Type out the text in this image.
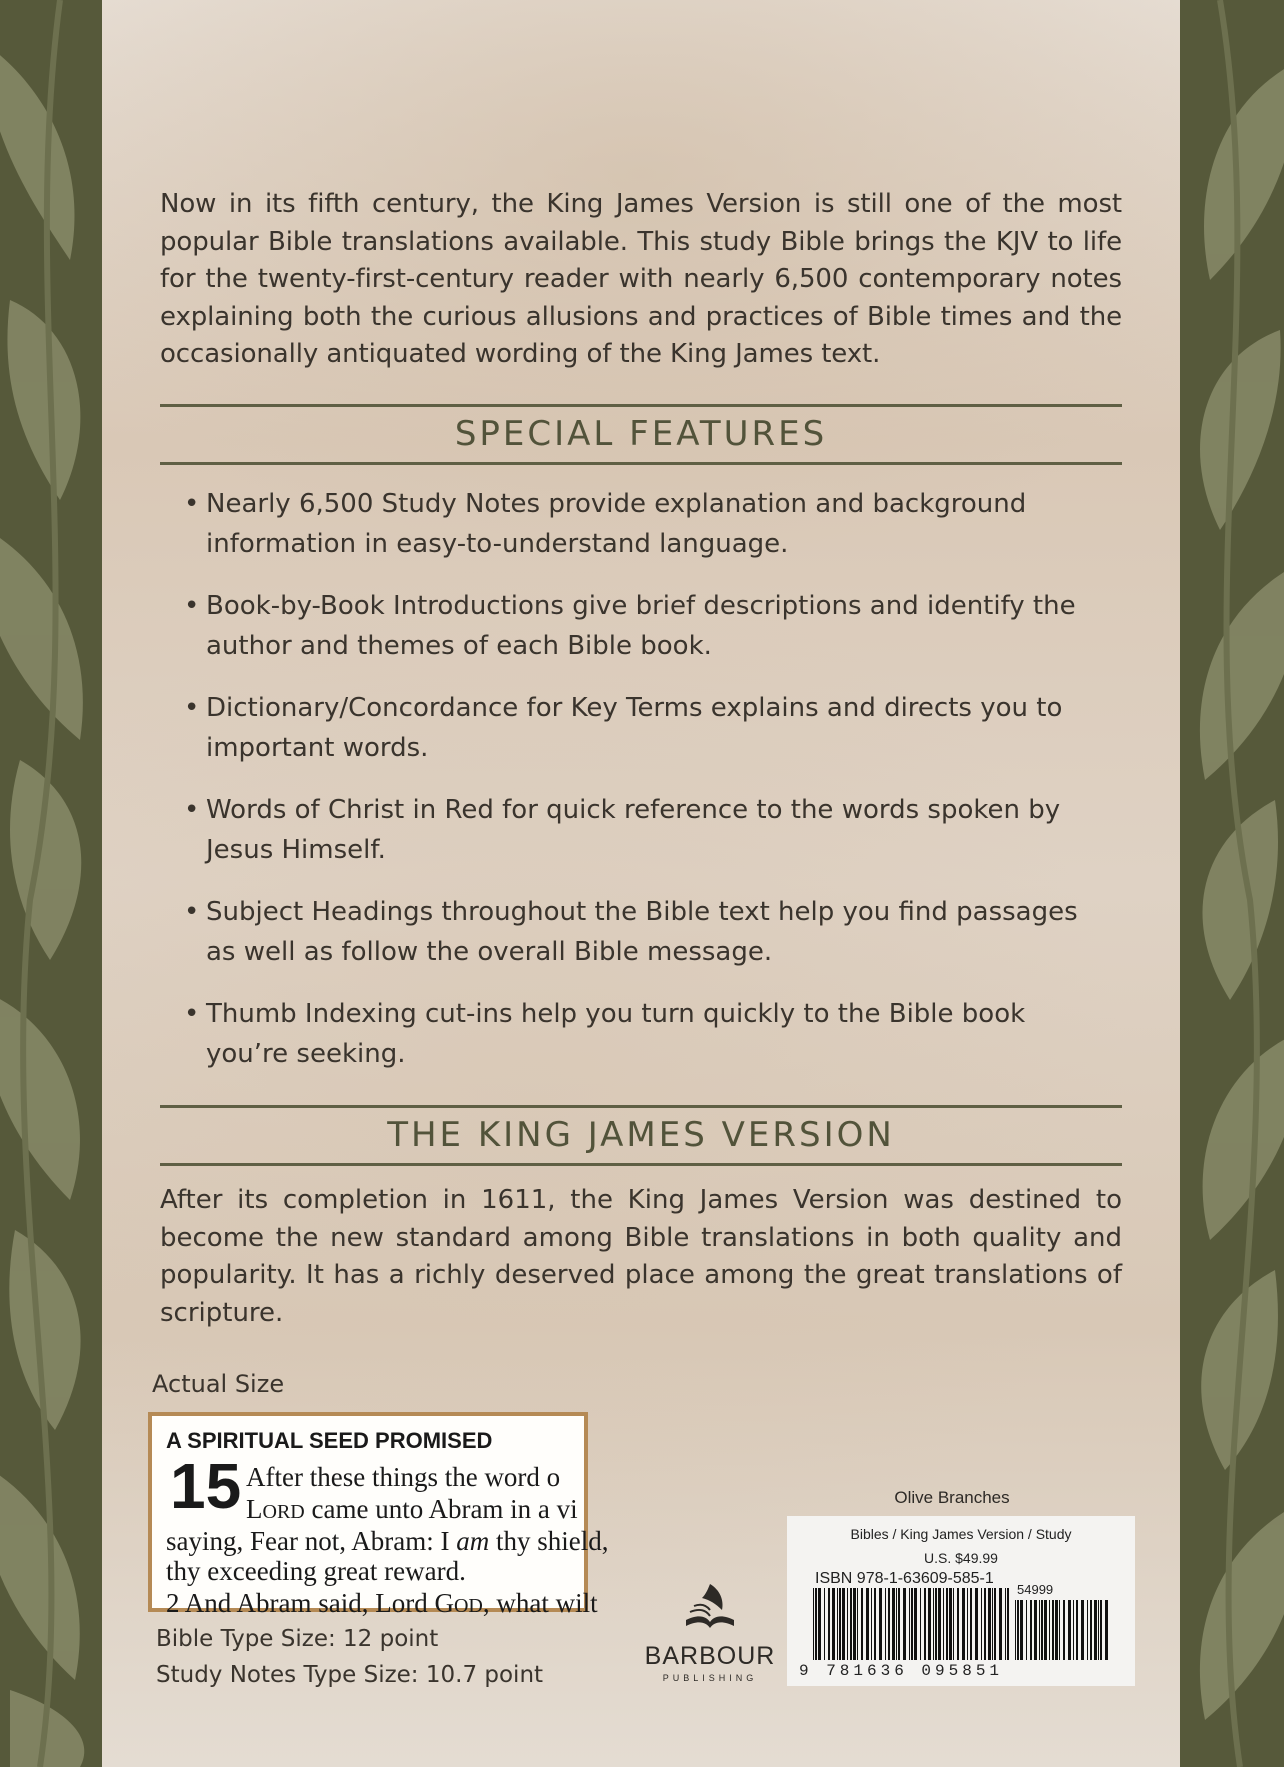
Now in its fifth century, the King James Version is still one of the most popular Bible translations available. This study Bible brings the KJV to life for the twenty-first-century reader with nearly 6,500 contemporary notes explaining both the curious allusions and practices of Bible times and the occasionally antiquated wording of the King James text.

SPECIAL FEATURES
• Nearly 6,500 Study Notes provide explanation and background
information in easy-to-understand language.
• Book-by-Book Introductions give brief descriptions and identify the
author and themes of each Bible book.
• Dictionary/Concordance for Key Terms explains and directs you to
important words.
• Words of Christ in Red for quick reference to the words spoken by
Jesus Himself.
• Subject Headings throughout the Bible text help you find passages
as well as follow the overall Bible message.
• Thumb Indexing cut-ins help you turn quickly to the Bible book
you’re seeking.
THE KING JAMES VERSION

After its completion in 1611, the King James Version was destined to become the new standard among Bible translations in both quality and popularity. It has a richly deserved place among the great translations of scripture.

Actual Size
A SPIRITUAL SEED PROMISED
15 After these things the word o
LORD came unto Abram in a vi
saying, Fear not, Abram: I am thy shield,
thy exceeding great reward.
2 And Abram said, Lord GOD, what wilt
Bible Type Size: 12 point
Study Notes Type Size: 10.7 point
BARBOUR
PUBLISHING
Olive Branches
Bibles / King James Version / Study
U.S. $49.99
ISBN 978-1-63609-585-1
54999
9 781636 095851
